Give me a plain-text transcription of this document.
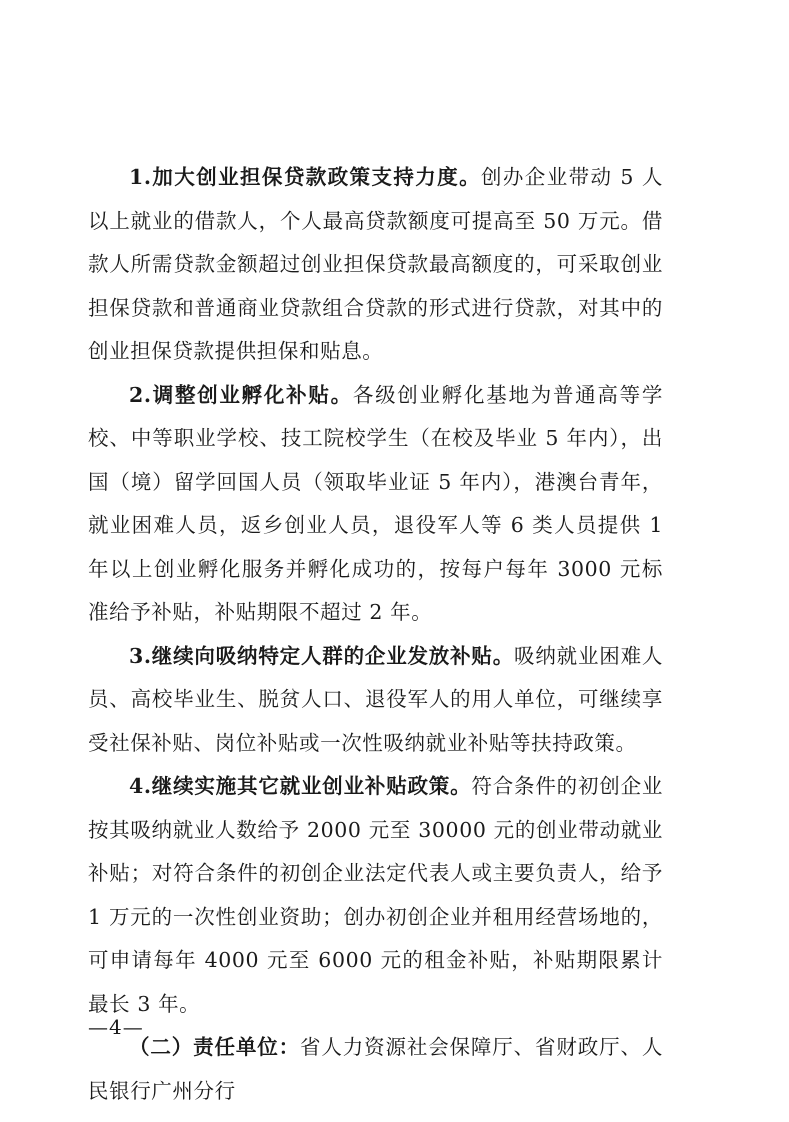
1.加大创业担保贷款政策支持力度。创办企业带动 5 人以上就业的借款人，个人最高贷款额度可提高至 50 万元。借款人所需贷款金额超过创业担保贷款最高额度的，可采取创业担保贷款和普通商业贷款组合贷款的形式进行贷款，对其中的创业担保贷款提供担保和贴息。

2.调整创业孵化补贴。各级创业孵化基地为普通高等学校、中等职业学校、技工院校学生（在校及毕业 5 年内），出国（境）留学回国人员（领取毕业证 5 年内），港澳台青年，就业困难人员，返乡创业人员，退役军人等 6 类人员提供 1 年以上创业孵化服务并孵化成功的，按每户每年 3000 元标准给予补贴，补贴期限不超过 2 年。

3.继续向吸纳特定人群的企业发放补贴。吸纳就业困难人员、高校毕业生、脱贫人口、退役军人的用人单位，可继续享受社保补贴、岗位补贴或一次性吸纳就业补贴等扶持政策。

4.继续实施其它就业创业补贴政策。符合条件的初创企业按其吸纳就业人数给予 2000 元至 30000 元的创业带动就业补贴；对符合条件的初创企业法定代表人或主要负责人，给予 1 万元的一次性创业资助；创办初创企业并租用经营场地的，可申请每年 4000 元至 6000 元的租金补贴，补贴期限累计最长 3 年。

（二）责任单位：省人力资源社会保障厅、省财政厅、人民银行广州分行

—4—
